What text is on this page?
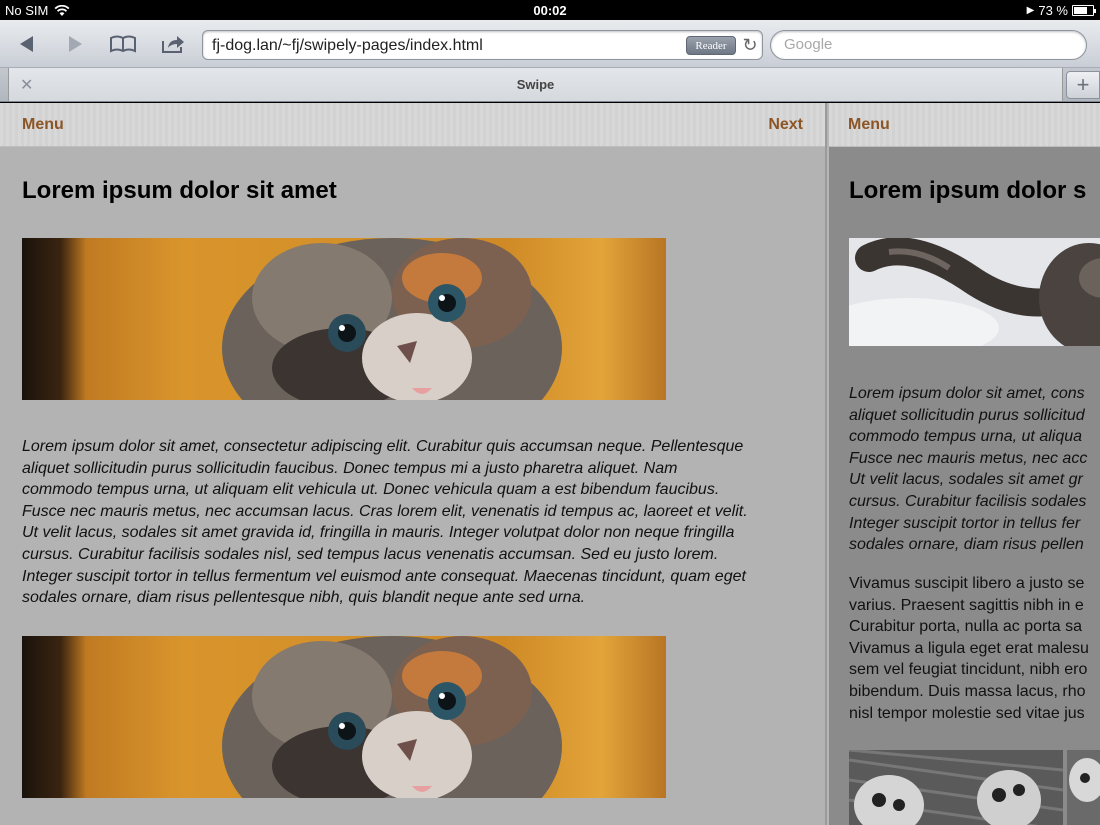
No SIM	00:02	▶ 73 %
fj-dog.lan/~fj/swipely-pages/index.html	Reader ↻
Google
✕	Swipe	+
Menu	Next
Lorem ipsum dolor sit amet
Lorem ipsum dolor sit amet, consectetur adipiscing elit. Curabitur quis accumsan neque. Pellentesque
aliquet sollicitudin purus sollicitudin faucibus. Donec tempus mi a justo pharetra aliquet. Nam
commodo tempus urna, ut aliquam elit vehicula ut. Donec vehicula quam a est bibendum faucibus.
Fusce nec mauris metus, nec accumsan lacus. Cras lorem elit, venenatis id tempus ac, laoreet et velit.
Ut velit lacus, sodales sit amet gravida id, fringilla in mauris. Integer volutpat dolor non neque fringilla
cursus. Curabitur facilisis sodales nisl, sed tempus lacus venenatis accumsan. Sed eu justo lorem.
Integer suscipit tortor in tellus fermentum vel euismod ante consequat. Maecenas tincidunt, quam eget
sodales ornare, diam risus pellentesque nibh, quis blandit neque ante sed urna.
Menu
Lorem ipsum dolor s
Lorem ipsum dolor sit amet, cons
aliquet sollicitudin purus sollicitud
commodo tempus urna, ut aliqua
Fusce nec mauris metus, nec acc
Ut velit lacus, sodales sit amet gr
cursus. Curabitur facilisis sodales
Integer suscipit tortor in tellus fer
sodales ornare, diam risus pellen
Vivamus suscipit libero a justo se
varius. Praesent sagittis nibh in e
Curabitur porta, nulla ac porta sa
Vivamus a ligula eget erat malesu
sem vel feugiat tincidunt, nibh ero
bibendum. Duis massa lacus, rho
nisl tempor molestie sed vitae jus
